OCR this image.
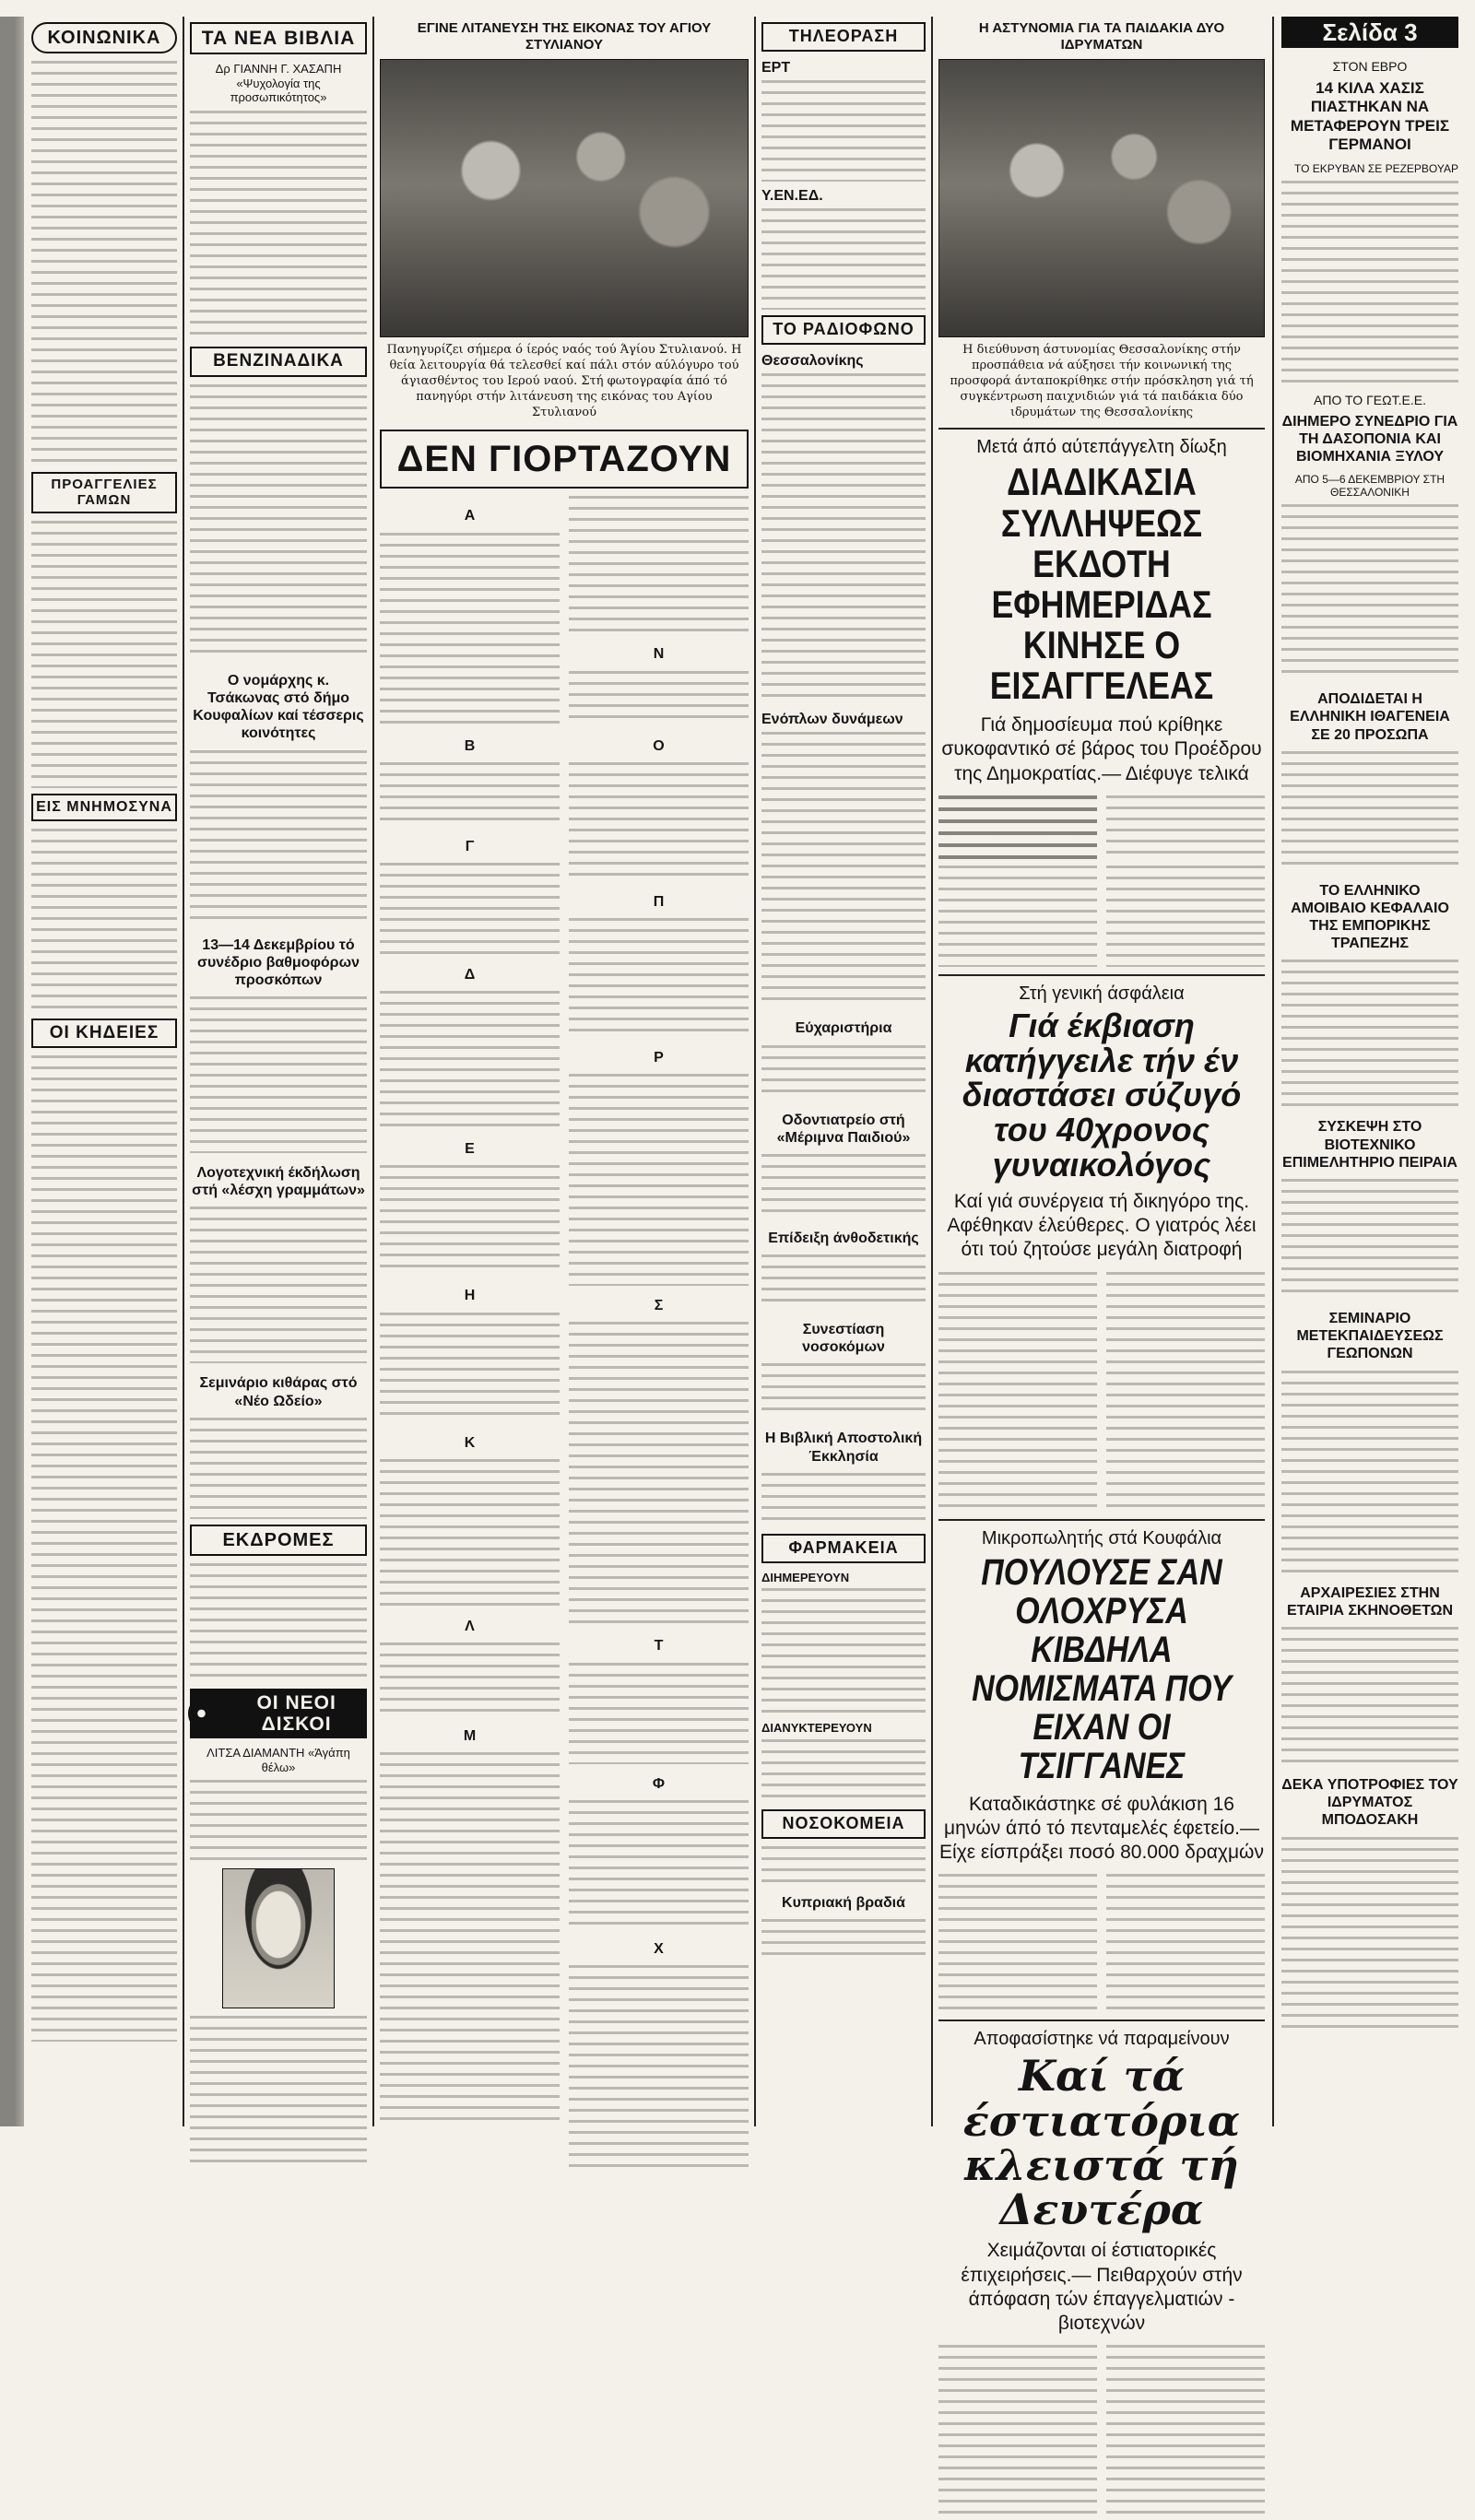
ΚΟΙΝΩΝΙΚΑ
ΠΡΟΑΓΓΕΛΙΕΣ ΓΑΜΩΝ
ΕΙΣ ΜΝΗΜΟΣΥΝΑ
ΟΙ ΚΗΔΕΙΕΣ
ΤΑ ΝΕΑ ΒΙΒΛΙΑ
Δρ ΓΙΑΝΝΗ Γ. ΧΑΣΑΠΗ «Ψυχολογία της προσωπικότητος»
ΒΕΝΖΙΝΑΔΙΚΑ
Ο νομάρχης κ. Τσάκωνας στό δήμο Κουφαλίων καί τέσσερις κοινότητες
13—14 Δεκεμβρίου τό συνέδριο βαθμοφόρων προσκόπων
Λογοτεχνική έκδήλωση στή «λέσχη γραμμάτων»
Σεμινάριο κιθάρας στό «Νέο Ωδείο»
ΕΚΔΡΟΜΕΣ
ΟΙ ΝΕΟΙ ΔΙΣΚΟΙ
ΛΙΤΣΑ ΔΙΑΜΑΝΤΗ «Άγάπη θέλω»
ΕΓΙΝΕ ΛΙΤΑΝΕΥΣΗ ΤΗΣ ΕΙΚΟΝΑΣ ΤΟΥ ΑΓΙΟΥ ΣΤΥΛΙΑΝΟΥ
Πανηγυρίζει σήμερα ό ίερός ναός τού Άγίου Στυλιανού. Η θεία λειτουργία θά τελεσθεί καί πάλι στόν αύλόγυρο τού άγιασθέντος του Ιερού ναού. Στή φωτογραφία άπό τό πανηγύρι στήν λιτάνευση της εικόνας του Αγίου Στυλιανού
ΔΕΝ ΓΙΟΡΤΑΖΟΥΝ
Α
Β
Γ
Δ
Ε
Η
Κ
Λ
Μ
Ν
Ο
Π
Ρ
Σ
Τ
Φ
Χ
ΤΗΛΕΟΡΑΣΗ
ΕΡΤ
Υ.ΕΝ.ΕΔ.
ΤΟ ΡΑΔΙΟΦΩΝΟ
Θεσσαλονίκης
Ενόπλων δυνάμεων
Εύχαριστήρια
Οδοντιατρείο στή «Μέριμνα Παιδιού»
Επίδειξη άνθοδετικής
Συνεστίαση νοσοκόμων
Η Βιβλική Αποστολική Έκκλησία
ΦΑΡΜΑΚΕΙΑ
ΔΙΗΜΕΡΕΥΟΥΝ
ΔΙΑΝΥΚΤΕΡΕΥΟΥΝ
ΝΟΣΟΚΟΜΕΙΑ
Κυπριακή βραδιά
Η ΑΣΤΥΝΟΜΙΑ ΓΙΑ ΤΑ ΠΑΙΔΑΚΙΑ ΔΥΟ ΙΔΡΥΜΑΤΩΝ
Η διεύθυνση άστυνομίας Θεσσαλονίκης στήν προσπάθεια νά αύξησει τήν κοινωνική της προσφορά άνταποκρίθηκε στήν πρόσκληση γιά τή συγκέντρωση παιχνιδιών γιά τά παιδάκια δύο ιδρυμάτων της Θεσσαλονίκης
Μετά άπό αύτεπάγγελτη δίωξη
ΔΙΑΔΙΚΑΣΙΑ ΣΥΛΛΗΨΕΩΣ ΕΚΔΟΤΗ ΕΦΗΜΕΡΙΔΑΣ ΚΙΝΗΣΕ Ο ΕΙΣΑΓΓΕΛΕΑΣ
Γιά δημοσίευμα πού κρίθηκε συκοφαντικό σέ βάρος του Προέδρου της Δημοκρατίας.— Διέφυγε τελικά
Στή γενική άσφάλεια
Γιά έκβιαση κατήγγειλε τήν έν διαστάσει σύζυγό του 40χρονος γυναικολόγος
Καί γιά συνέργεια τή δικηγόρο της. Αφέθηκαν έλεύθερες. Ο γιατρός λέει ότι τού ζητούσε μεγάλη διατροφή
Μικροπωλητής στά Κουφάλια
ΠΟΥΛΟΥΣΕ ΣΑΝ ΟΛΟΧΡΥΣΑ ΚΙΒΔΗΛΑ ΝΟΜΙΣΜΑΤΑ ΠΟΥ ΕΙΧΑΝ ΟΙ ΤΣΙΓΓΑΝΕΣ
Καταδικάστηκε σέ φυλάκιση 16 μηνών άπό τό πενταμελές έφετείο.— Είχε είσπράξει ποσό 80.000 δραχμών
Αποφασίστηκε νά παραμείνουν
Καί τά έστιατόρια κλειστά τή Δευτέρα
Χειμάζονται οί έστιατορικές έπιχειρήσεις.— Πειθαρχούν στήν άπόφαση τών έπαγγελματιών - βιοτεχνών
Σελίδα 3
ΣΤΟΝ ΕΒΡΟ
14 ΚΙΛΑ ΧΑΣΙΣ ΠΙΑΣΤΗΚΑΝ ΝΑ ΜΕΤΑΦΕΡΟΥΝ ΤΡΕΙΣ ΓΕΡΜΑΝΟΙ
ΤΟ ΕΚΡΥΒΑΝ ΣΕ ΡΕΖΕΡΒΟΥΑΡ
ΑΠΟ ΤΟ ΓΕΩΤ.Ε.Ε.
ΔΙΗΜΕΡΟ ΣΥΝΕΔΡΙΟ ΓΙΑ ΤΗ ΔΑΣΟΠΟΝΙΑ ΚΑΙ ΒΙΟΜΗΧΑΝΙΑ ΞΥΛΟΥ
ΑΠΟ 5—6 ΔΕΚΕΜΒΡΙΟΥ ΣΤΗ ΘΕΣΣΑΛΟΝΙΚΗ
ΑΠΟΔΙΔΕΤΑΙ Η ΕΛΛΗΝΙΚΗ ΙΘΑΓΕΝΕΙΑ ΣΕ 20 ΠΡΟΣΩΠΑ
ΤΟ ΕΛΛΗΝΙΚΟ ΑΜΟΙΒΑΙΟ ΚΕΦΑΛΑΙΟ ΤΗΣ ΕΜΠΟΡΙΚΗΣ ΤΡΑΠΕΖΗΣ
ΣΥΣΚΕΨΗ ΣΤΟ ΒΙΟΤΕΧΝΙΚΟ ΕΠΙΜΕΛΗΤΗΡΙΟ ΠΕΙΡΑΙΑ
ΣΕΜΙΝΑΡΙΟ ΜΕΤΕΚΠΑΙΔΕΥΣΕΩΣ ΓΕΩΠΟΝΩΝ
ΑΡΧΑΙΡΕΣΙΕΣ ΣΤΗΝ ΕΤΑΙΡΙΑ ΣΚΗΝΟΘΕΤΩΝ
ΔΕΚΑ ΥΠΟΤΡΟΦΙΕΣ ΤΟΥ ΙΔΡΥΜΑΤΟΣ ΜΠΟΔΟΣΑΚΗ
